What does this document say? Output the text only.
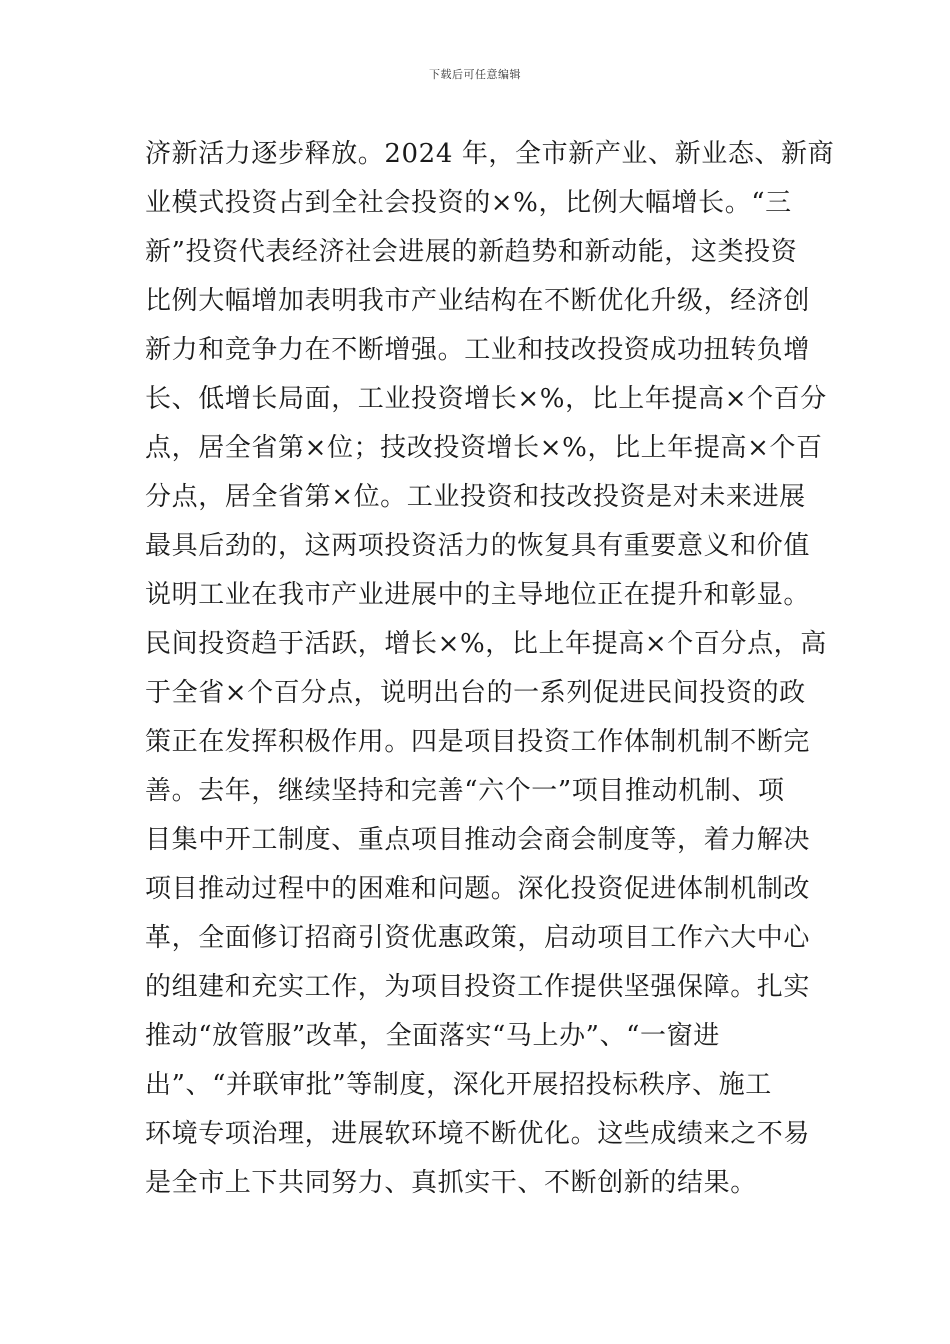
下载后可任意编辑
济新活力逐步释放。2024 年，全市新产业、新业态、新商
业模式投资占到全社会投资的×%，比例大幅增长。“三
新”投资代表经济社会进展的新趋势和新动能，这类投资
比例大幅增加表明我市产业结构在不断优化升级，经济创
新力和竞争力在不断增强。工业和技改投资成功扭转负增
长、低增长局面，工业投资增长×%，比上年提高×个百分
点，居全省第×位；技改投资增长×%，比上年提高×个百
分点，居全省第×位。工业投资和技改投资是对未来进展
最具后劲的，这两项投资活力的恢复具有重要意义和价值
说明工业在我市产业进展中的主导地位正在提升和彰显。
民间投资趋于活跃，增长×%，比上年提高×个百分点，高
于全省×个百分点，说明出台的一系列促进民间投资的政
策正在发挥积极作用。四是项目投资工作体制机制不断完
善。去年，继续坚持和完善“六个一”项目推动机制、项
目集中开工制度、重点项目推动会商会制度等，着力解决
项目推动过程中的困难和问题。深化投资促进体制机制改
革，全面修订招商引资优惠政策，启动项目工作六大中心
的组建和充实工作，为项目投资工作提供坚强保障。扎实
推动“放管服”改革，全面落实“马上办”、“一窗进
出”、“并联审批”等制度，深化开展招投标秩序、施工
环境专项治理，进展软环境不断优化。这些成绩来之不易
是全市上下共同努力、真抓实干、不断创新的结果。
